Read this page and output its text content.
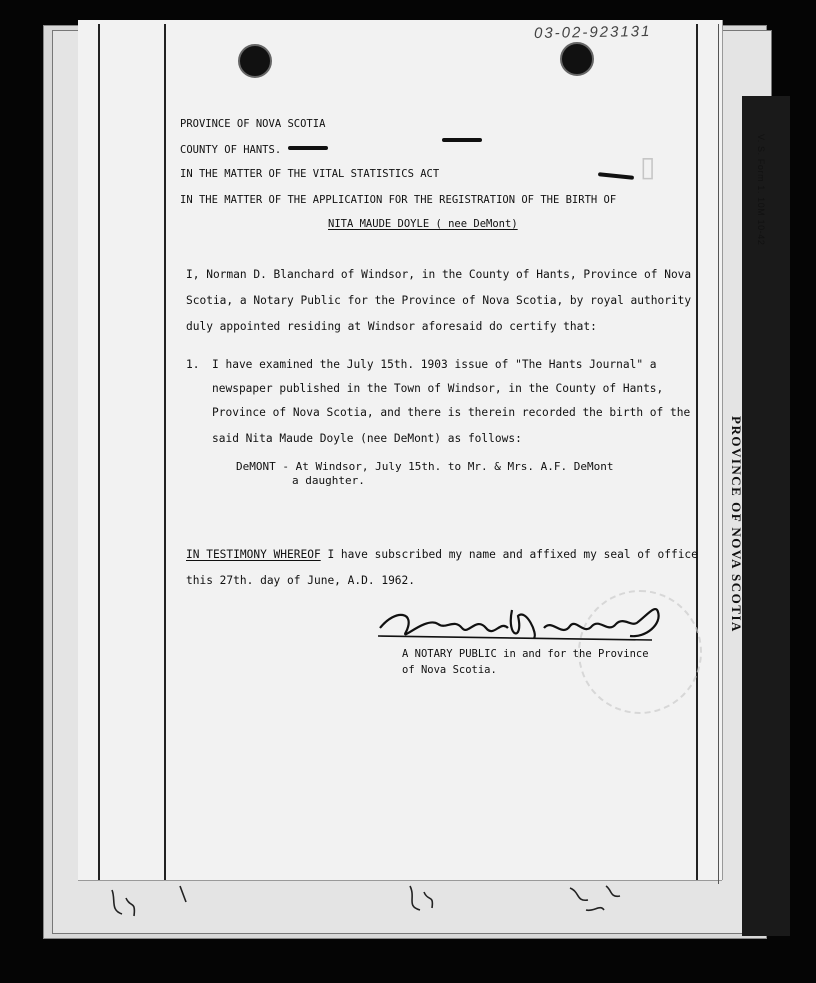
V. S. Form 1. 10M 10-42
PROVINCE OF NOVA SCOTIA
03-02-923131
▯
PROVINCE OF NOVA SCOTIA
COUNTY OF HANTS.
IN THE MATTER OF THE VITAL STATISTICS ACT
IN THE MATTER OF THE APPLICATION FOR THE REGISTRATION OF THE BIRTH OF
NITA MAUDE DOYLE ( nee DeMont)
I, Norman D. Blanchard of Windsor, in the County of Hants, Province of Nova
Scotia, a Notary Public for the Province of Nova Scotia, by royal authority
duly appointed residing at Windsor aforesaid do certify that:
1. I have examined the July 15th. 1903 issue of "The Hants Journal" a
newspaper published in the Town of Windsor, in the County of Hants,
Province of Nova Scotia, and there is therein recorded the birth of the
said Nita Maude Doyle (nee DeMont) as follows:
DeMONT - At Windsor, July 15th. to Mr. & Mrs. A.F. DeMont
a daughter.
IN TESTIMONY WHEREOF I have subscribed my name and affixed my seal of office
this 27th. day of June, A.D. 1962.
A NOTARY PUBLIC in and for the Province
of Nova Scotia.
